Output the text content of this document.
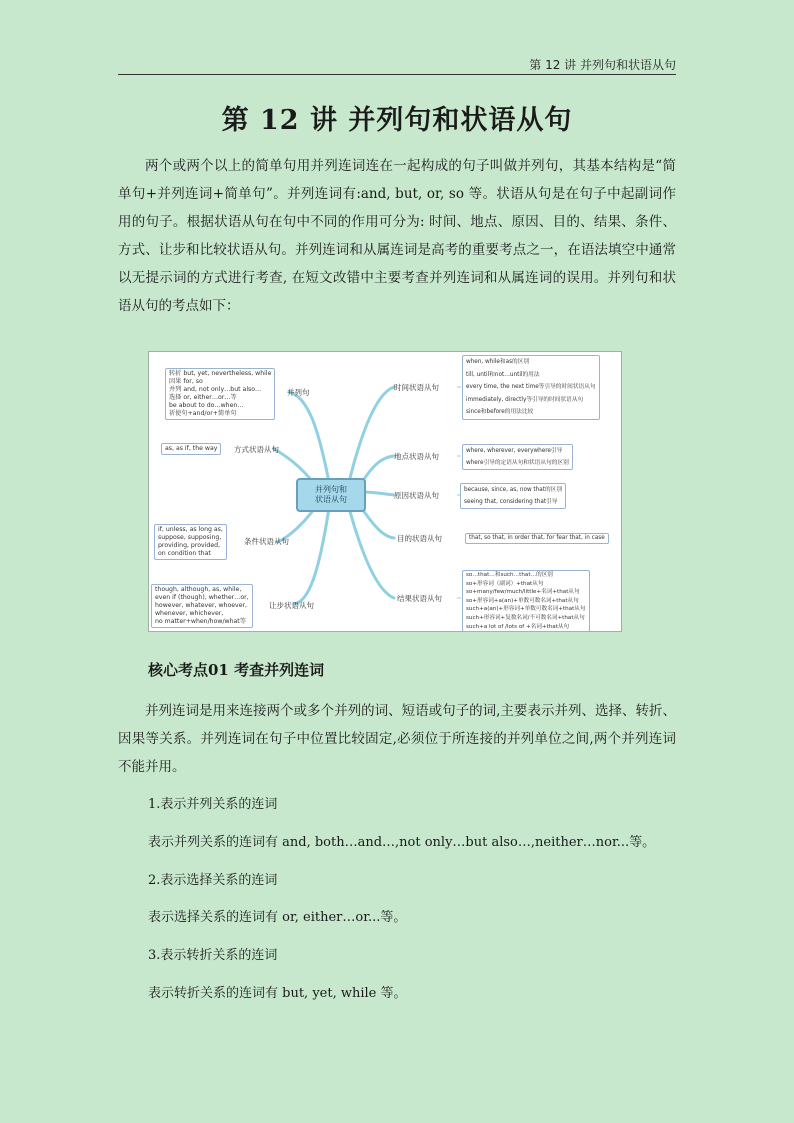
第 12 讲 并列句和状语从句
第 12 讲 并列句和状语从句

两个或两个以上的简单句用并列连词连在一起构成的句子叫做并列句，其基本结构是“简单句+并列连词+简单句”。并列连词有:and, but, or, so 等。状语从句是在句子中起副词作用的句子。根据状语从句在句中不同的作用可分为: 时间、地点、原因、目的、结果、条件、方式、让步和比较状语从句。并列连词和从属连词是高考的重要考点之一，在语法填空中通常以无提示词的方式进行考查, 在短文改错中主要考查并列连词和从属连词的误用。并列句和状语从句的考点如下：

并列句和
状语从句
转折 but, yet, nevertheless, while
因果 for, so
并列 and, not only…but also…
选择 or, either…or…等
be about to do…when…
祈使句+and/or+简单句
并列句
as, as if, the way 方式状语从句
if, unless, as long as,
suppose, supposing,
providing, provided,
on condition that
条件状语从句
though, although, as, while,
even if (though), whether…or,
however, whatever, whoever,
whenever, whichever,
no matter+when/how/what等
让步状语从句
时间状语从句
when, while和as的区别
till, until和not…until的用法
every time, the next time等引导的时间状语从句
immediately, directly等引导的时间状语从句
since和before的用法比较
地点状语从句
where, wherever, everywhere引导
where引导的定语从句和状语从句的区别
原因状语从句
because, since, as, now that的区别
seeing that, considering that引导
目的状语从句	that, so that, in order that, for fear that, in case
结果状语从句
so…that…和such…that…的区别
so+形容词（副词）+that从句
so+many/few/much/little+名词+that从句
so+形容词+a(an)+单数可数名词+that从句
such+a(an)+形容词+单数可数名词+that从句
such+形容词+复数名词/不可数名词+that从句
such+a lot of /lots of +名词+that从句
核心考点01 考查并列连词

并列连词是用来连接两个或多个并列的词、短语或句子的词,主要表示并列、选择、转折、因果等关系。并列连词在句子中位置比较固定,必须位于所连接的并列单位之间,两个并列连词不能并用。

1.表示并列关系的连词
表示并列关系的连词有 and, both…and…,not only…but also…,neither…nor...等。
2.表示选择关系的连词
表示选择关系的连词有 or, either…or...等。
3.表示转折关系的连词
表示转折关系的连词有 but, yet, while 等。
